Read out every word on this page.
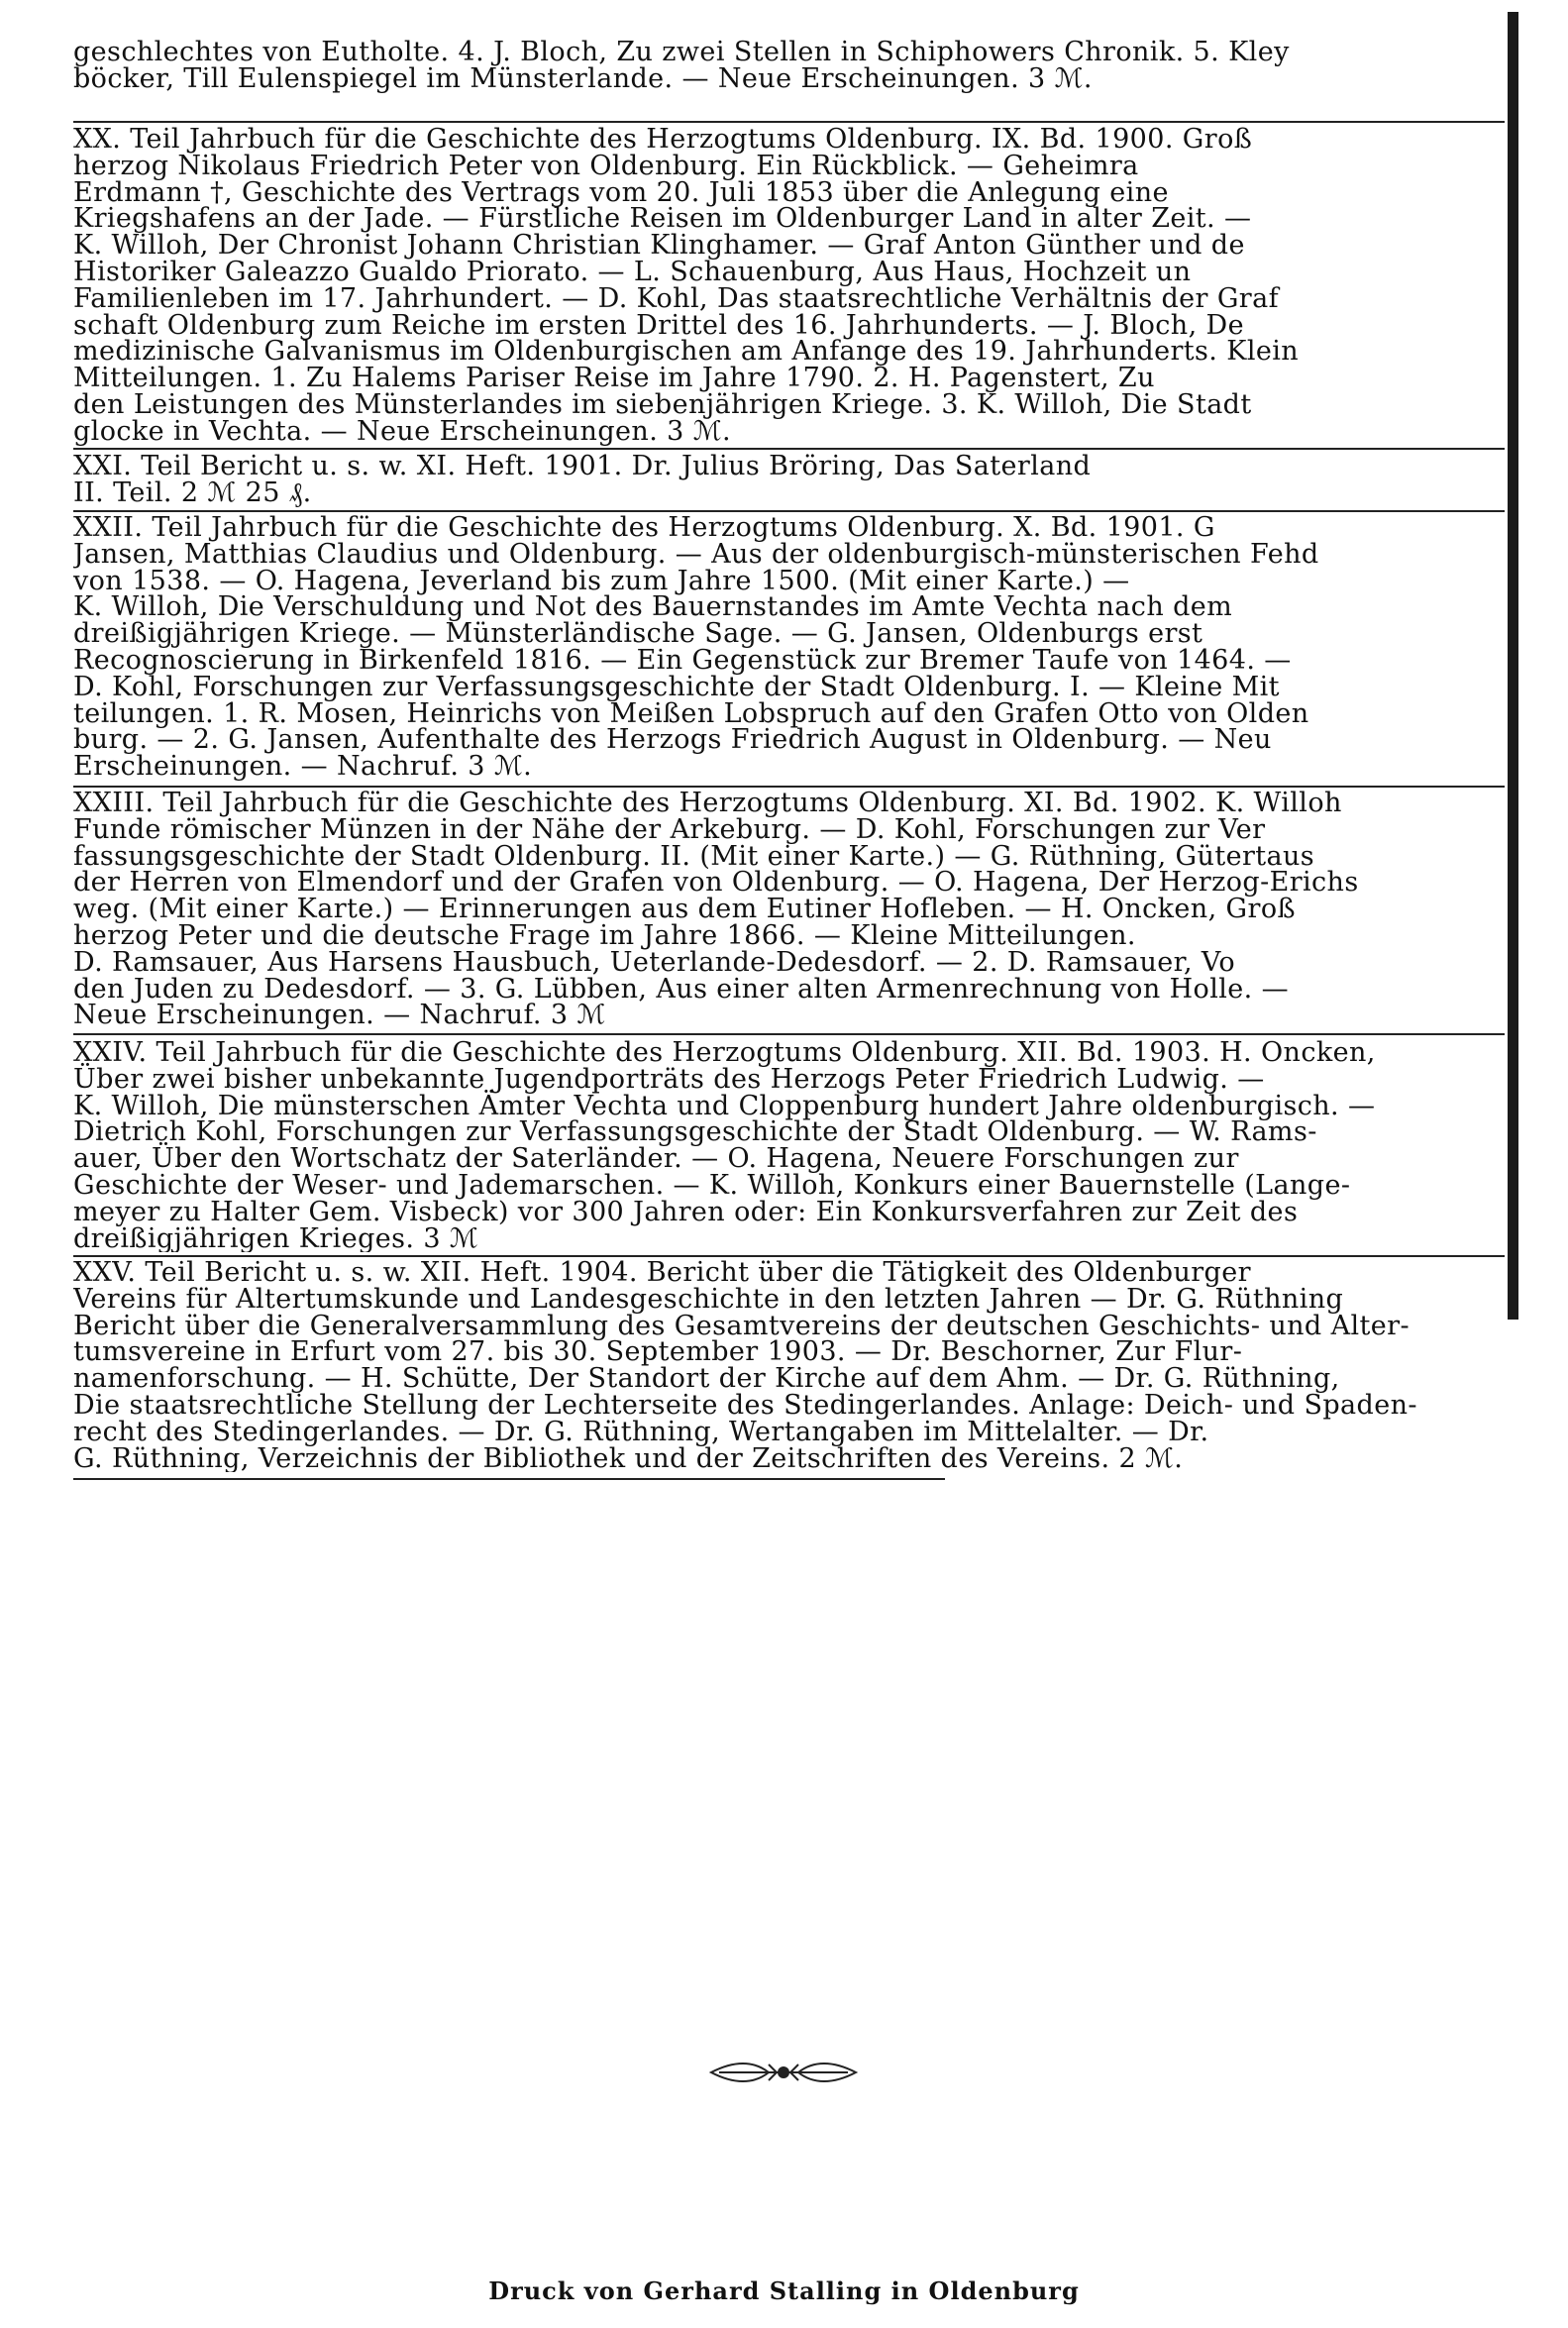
geschlechtes von Eutholte. 4. J. Bloch, Zu zwei Stellen in Schiphowers Chronik. 5. Kley
böcker, Till Eulenspiegel im Münsterlande. — Neue Erscheinungen. 3 ℳ.
XX. Teil Jahrbuch für die Geschichte des Herzogtums Oldenburg. IX. Bd. 1900. Groß
herzog Nikolaus Friedrich Peter von Oldenburg. Ein Rückblick. — Geheimra
Erdmann †, Geschichte des Vertrags vom 20. Juli 1853 über die Anlegung eine
Kriegshafens an der Jade. — Fürstliche Reisen im Oldenburger Land in alter Zeit. —
K. Willoh, Der Chronist Johann Christian Klinghamer. — Graf Anton Günther und de
Historiker Galeazzo Gualdo Priorato. — L. Schauenburg, Aus Haus, Hochzeit un
Familienleben im 17. Jahrhundert. — D. Kohl, Das staatsrechtliche Verhältnis der Graf
schaft Oldenburg zum Reiche im ersten Drittel des 16. Jahrhunderts. — J. Bloch, De
medizinische Galvanismus im Oldenburgischen am Anfange des 19. Jahrhunderts. Klein
Mitteilungen. 1. Zu Halems Pariser Reise im Jahre 1790. 2. H. Pagenstert, Zu
den Leistungen des Münsterlandes im siebenjährigen Kriege. 3. K. Willoh, Die Stadt
glocke in Vechta. — Neue Erscheinungen. 3 ℳ.
XXI. Teil Bericht u. s. w. XI. Heft. 1901. Dr. Julius Bröring, Das Saterland
II. Teil. 2 ℳ 25 ₰.
XXII. Teil Jahrbuch für die Geschichte des Herzogtums Oldenburg. X. Bd. 1901. G
Jansen, Matthias Claudius und Oldenburg. — Aus der oldenburgisch-münsterischen Fehd
von 1538. — O. Hagena, Jeverland bis zum Jahre 1500. (Mit einer Karte.) —
K. Willoh, Die Verschuldung und Not des Bauernstandes im Amte Vechta nach dem
dreißigjährigen Kriege. — Münsterländische Sage. — G. Jansen, Oldenburgs erst
Recognoscierung in Birkenfeld 1816. — Ein Gegenstück zur Bremer Taufe von 1464. —
D. Kohl, Forschungen zur Verfassungsgeschichte der Stadt Oldenburg. I. — Kleine Mit
teilungen. 1. R. Mosen, Heinrichs von Meißen Lobspruch auf den Grafen Otto von Olden
burg. — 2. G. Jansen, Aufenthalte des Herzogs Friedrich August in Oldenburg. — Neu
Erscheinungen. — Nachruf. 3 ℳ.
XXIII. Teil Jahrbuch für die Geschichte des Herzogtums Oldenburg. XI. Bd. 1902. K. Willoh
Funde römischer Münzen in der Nähe der Arkeburg. — D. Kohl, Forschungen zur Ver
fassungsgeschichte der Stadt Oldenburg. II. (Mit einer Karte.) — G. Rüthning, Gütertaus
der Herren von Elmendorf und der Grafen von Oldenburg. — O. Hagena, Der Herzog-Erichs
weg. (Mit einer Karte.) — Erinnerungen aus dem Eutiner Hofleben. — H. Oncken, Groß
herzog Peter und die deutsche Frage im Jahre 1866. — Kleine Mitteilungen.
D. Ramsauer, Aus Harsens Hausbuch, Ueterlande-Dedesdorf. — 2. D. Ramsauer, Vo
den Juden zu Dedesdorf. — 3. G. Lübben, Aus einer alten Armenrechnung von Holle. —
Neue Erscheinungen. — Nachruf. 3 ℳ
XXIV. Teil Jahrbuch für die Geschichte des Herzogtums Oldenburg. XII. Bd. 1903. H. Oncken,
Über zwei bisher unbekannte Jugendporträts des Herzogs Peter Friedrich Ludwig. —
K. Willoh, Die münsterschen Ämter Vechta und Cloppenburg hundert Jahre oldenburgisch. —
Dietrich Kohl, Forschungen zur Verfassungsgeschichte der Stadt Oldenburg. — W. Rams-
auer, Über den Wortschatz der Saterländer. — O. Hagena, Neuere Forschungen zur
Geschichte der Weser- und Jademarschen. — K. Willoh, Konkurs einer Bauernstelle (Lange-
meyer zu Halter Gem. Visbeck) vor 300 Jahren oder: Ein Konkursverfahren zur Zeit des
dreißigjährigen Krieges. 3 ℳ
XXV. Teil Bericht u. s. w. XII. Heft. 1904. Bericht über die Tätigkeit des Oldenburger
Vereins für Altertumskunde und Landesgeschichte in den letzten Jahren — Dr. G. Rüthning
Bericht über die Generalversammlung des Gesamtvereins der deutschen Geschichts- und Alter-
tumsvereine in Erfurt vom 27. bis 30. September 1903. — Dr. Beschorner, Zur Flur-
namenforschung. — H. Schütte, Der Standort der Kirche auf dem Ahm. — Dr. G. Rüthning,
Die staatsrechtliche Stellung der Lechterseite des Stedingerlandes. Anlage: Deich- und Spaden-
recht des Stedingerlandes. — Dr. G. Rüthning, Wertangaben im Mittelalter. — Dr.
G. Rüthning, Verzeichnis der Bibliothek und der Zeitschriften des Vereins. 2 ℳ.
Druck von Gerhard Stalling in Oldenburg
